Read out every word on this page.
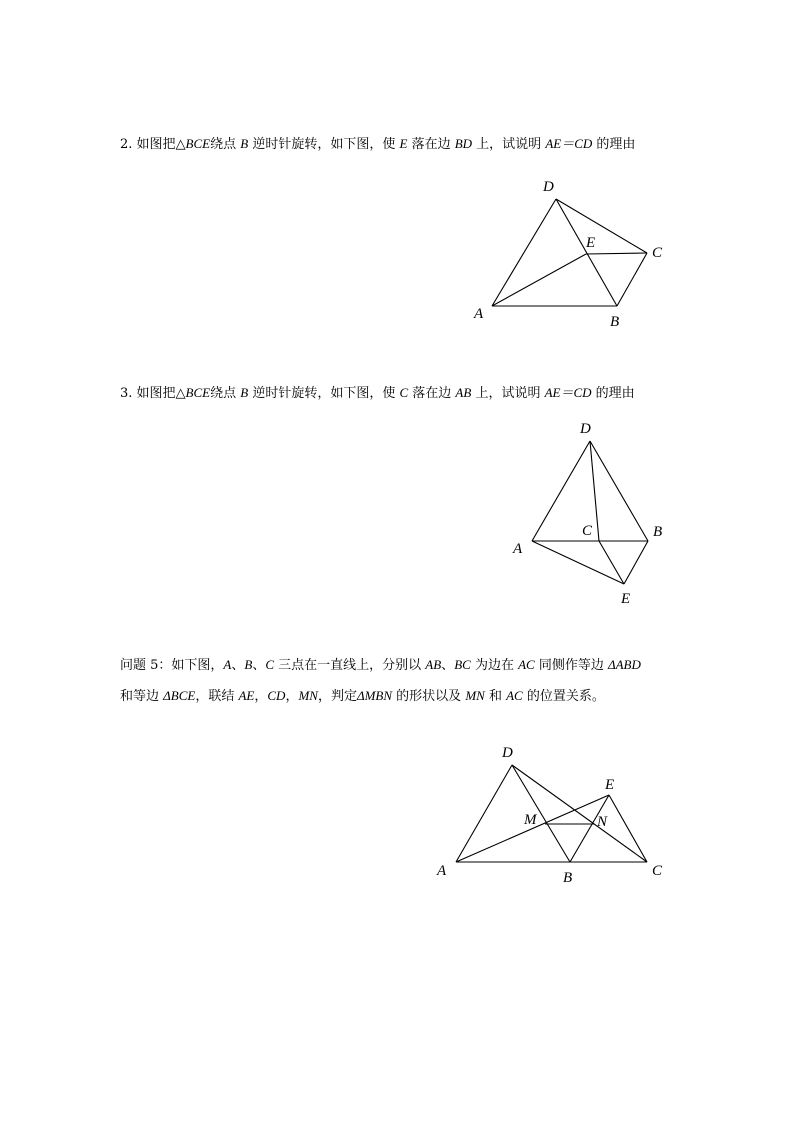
2. 如图把△BCE绕点 B 逆时针旋转，如下图，使 E 落在边 BD 上，试说明 AE＝CD 的理由
D
E
C
A	B
3. 如图把△BCE绕点 B 逆时针旋转，如下图，使 C 落在边 AB 上，试说明 AE＝CD 的理由
D
C	B
A
E
问题 5：如下图，A、B、C 三点在一直线上，分别以 AB、BC 为边在 AC 同侧作等边 ΔABD
和等边 ΔBCE，联结 AE，CD，MN，判定ΔMBN 的形状以及 MN 和 AC 的位置关系。
D
E
M	N
A	B	C
